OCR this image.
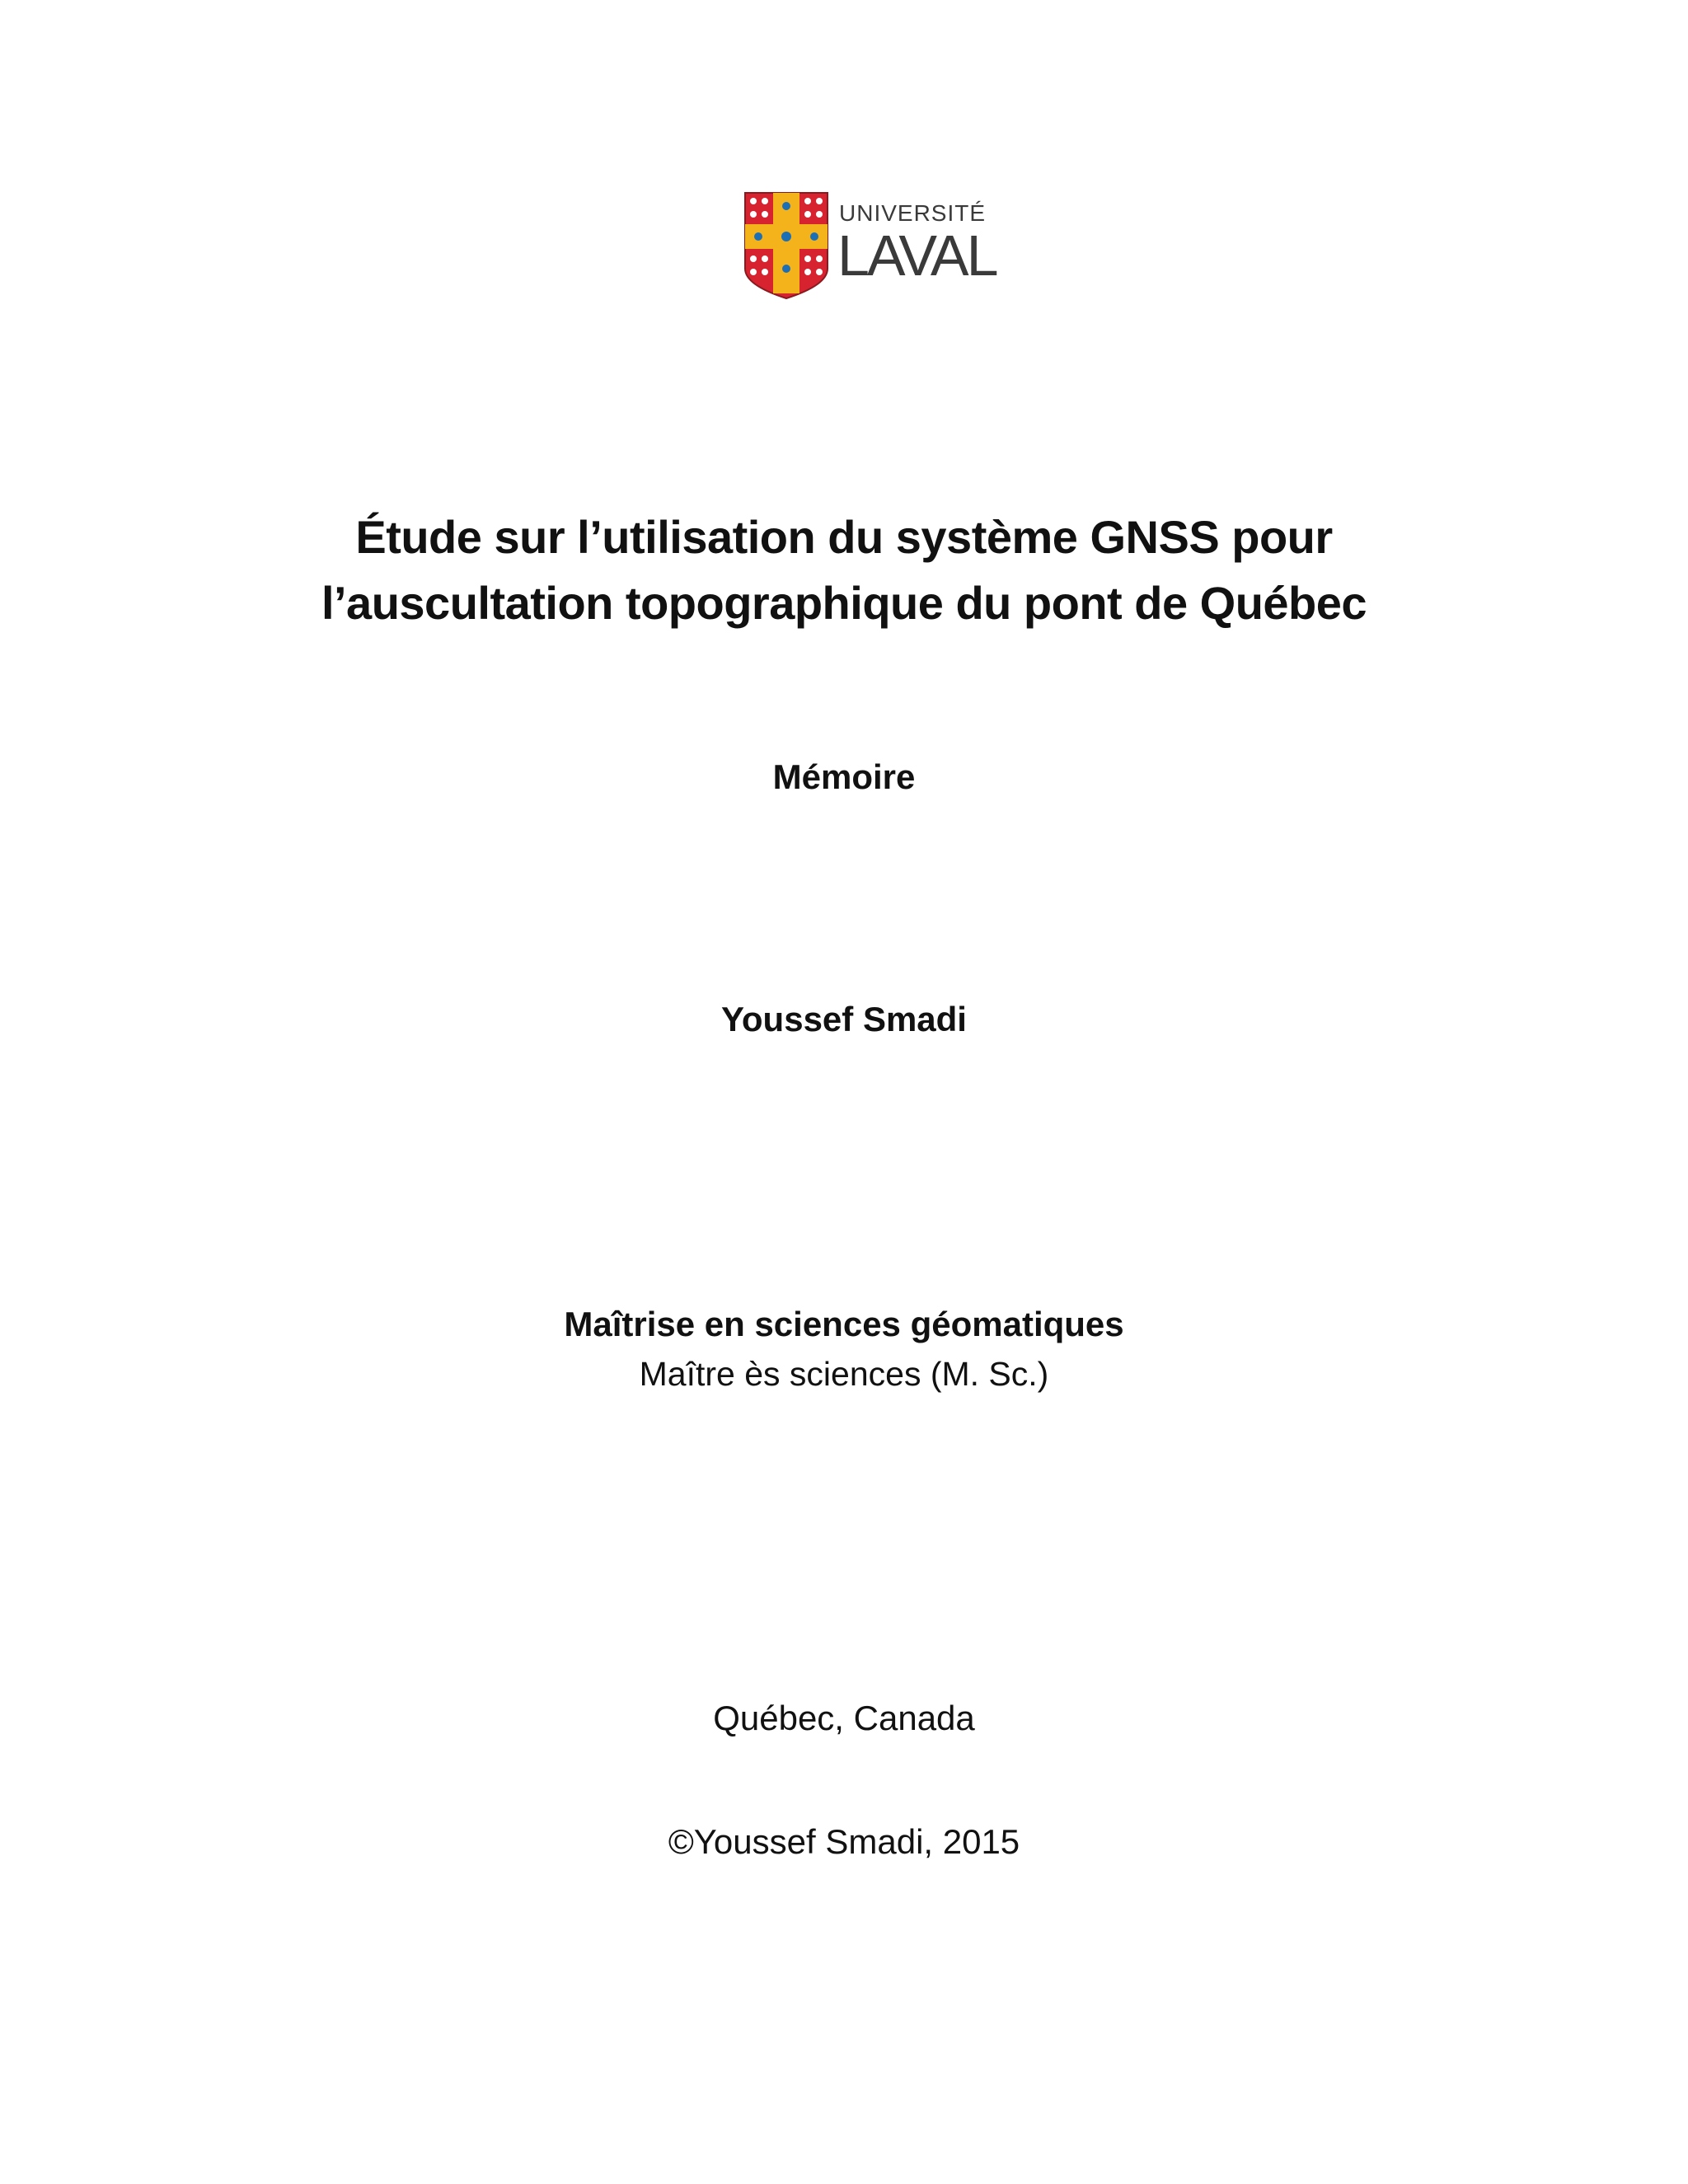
UNIVERSITÉ
LAVAL
Étude sur l’utilisation du système GNSS pour
l’auscultation topographique du pont de Québec
Mémoire
Youssef Smadi
Maîtrise en sciences géomatiques
Maître ès sciences (M. Sc.)
Québec, Canada
©Youssef Smadi, 2015
